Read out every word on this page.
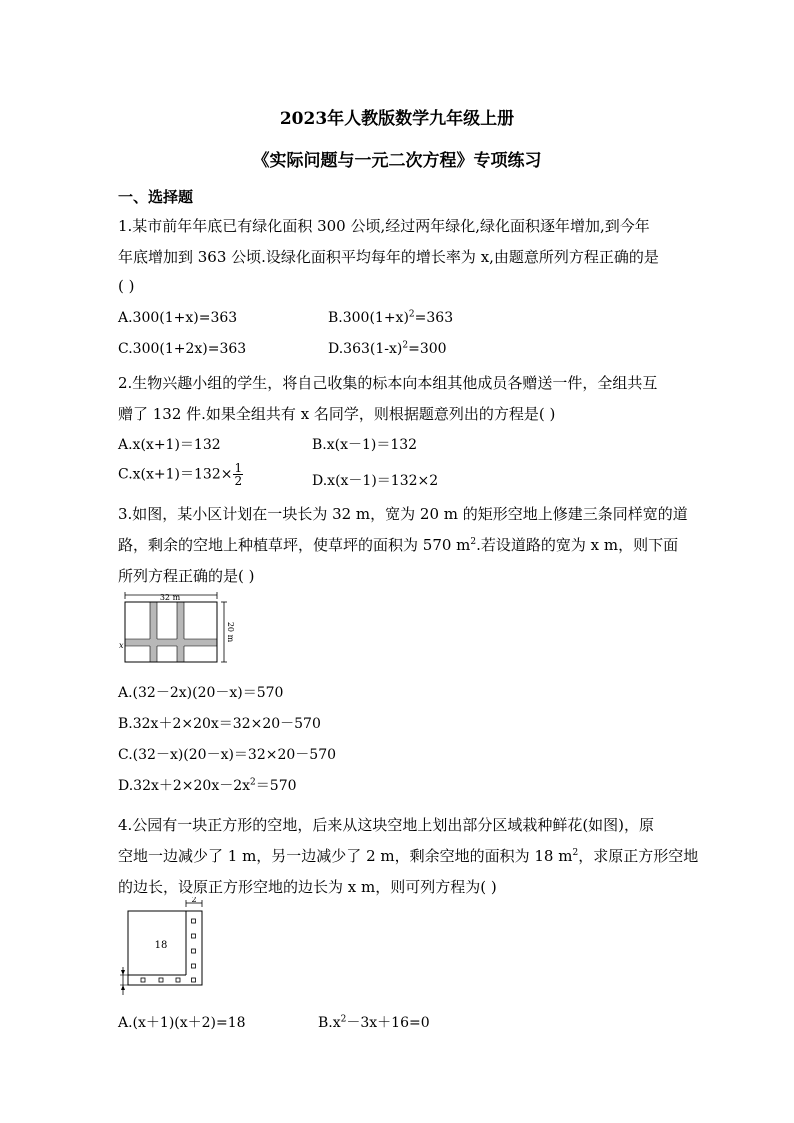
2023年人教版数学九年级上册
《实际问题与一元二次方程》专项练习
一、选择题
1.某市前年年底已有绿化面积 300 公顷,经过两年绿化,绿化面积逐年增加,到今年
年底增加到 363 公顷.设绿化面积平均每年的增长率为 x,由题意所列方程正确的是
( )
A.300(1+x)=363	$B.300(1+x)^2=363$
C.300(1+2x)=363	$D.363(1-x)^2=300$
2.生物兴趣小组的学生，将自己收集的标本向本组其他成员各赠送一件，全组共互
赠了 132 件.如果全组共有 x 名同学，则根据题意列出的方程是( )
A.x(x+1)＝132	B.x(x－1)＝132
$C.x(x+1)=132\times \frac{1}{2}$	D.x(x－1)＝132×2
3.如图，某小区计划在一块长为 32 m，宽为 20 m 的矩形空地上修建三条同样宽的道
路，剩余的空地上种植草坪，使草坪的面积为 570 $m^2$.若设道路的宽为 x m，则下面
所列方程正确的是( )
32 m
20 m
x
A.(32－2x)(20－x)＝570
B.32x＋2×20x＝32×20－570
C.(32－x)(20－x)＝32×20－570
$D.32x+2\times 20x-2x^2=570$
4.公园有一块正方形的空地，后来从这块空地上划出部分区域栽种鲜花(如图)，原
空地一边减少了 1 m，另一边减少了 2 m，剩余空地的面积为 18 $m^2$，求原正方形空地
的边长，设原正方形空地的边长为 x m，则可列方程为( )
2
18
A.(x＋1)(x＋2)=18	$B.x^2-3x+16=0$
